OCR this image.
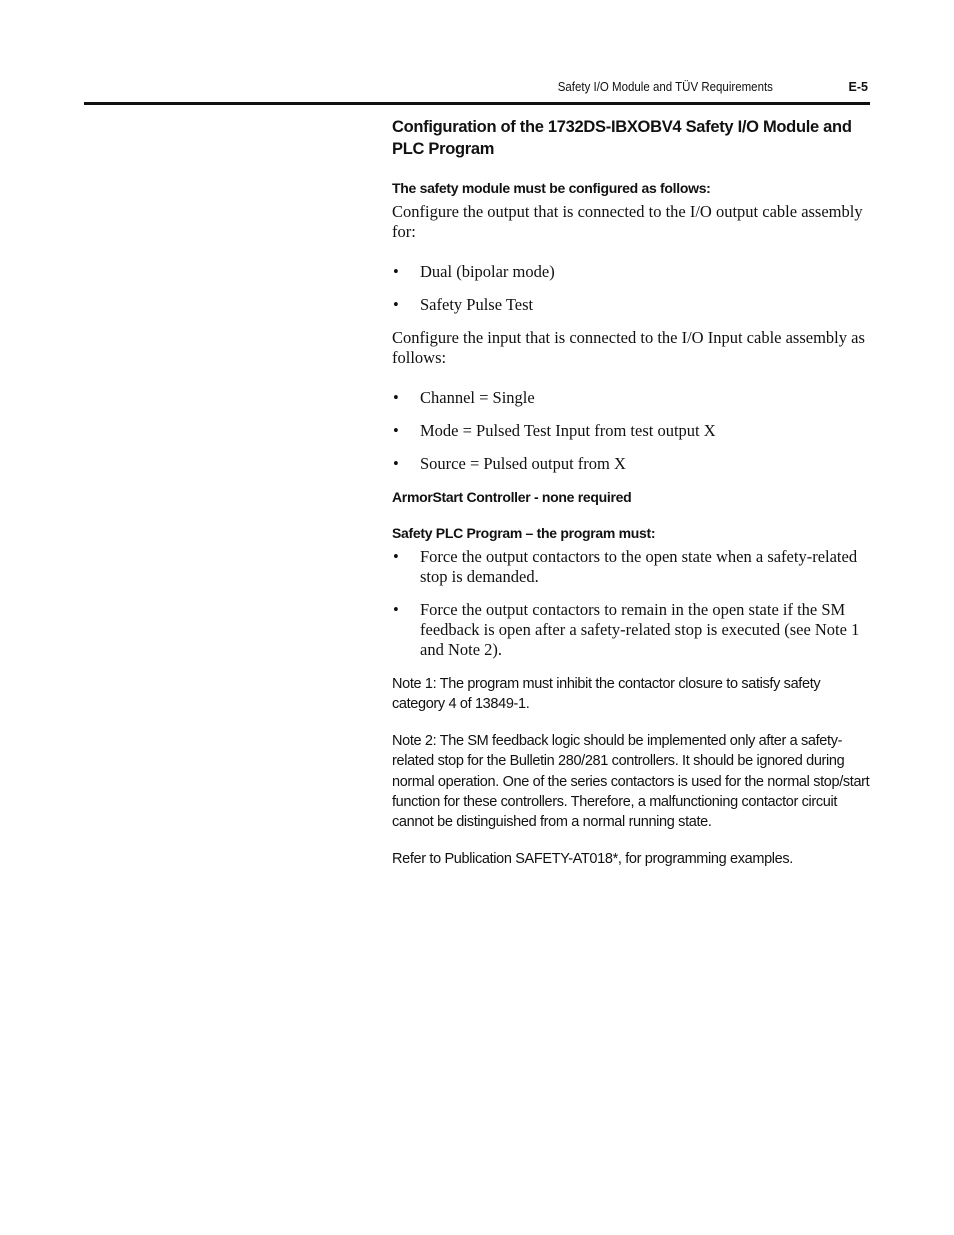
Safety I/O Module and TÜV Requirements	E-5
Configuration of the 1732DS-IBXOBV4 Safety I/O Module and PLC Program
The safety module must be configured as follows:
Configure the output that is connected to the I/O output cable assembly for:
• Dual (bipolar mode)
• Safety Pulse Test
Configure the input that is connected to the I/O Input cable assembly as follows:
• Channel = Single
• Mode = Pulsed Test Input from test output X
• Source = Pulsed output from X
ArmorStart Controller - none required
Safety PLC Program – the program must:
• Force the output contactors to the open state when a safety-related stop is demanded.
• Force the output contactors to remain in the open state if the SM feedback is open after a safety-related stop is executed (see Note 1 and Note 2).
Note 1: The program must inhibit the contactor closure to satisfy safety category 4 of 13849-1.
Note 2: The SM feedback logic should be implemented only after a safety-related stop for the Bulletin 280/281 controllers. It should be ignored during normal operation. One of the series contactors is used for the normal stop/start function for these controllers. Therefore, a malfunctioning contactor circuit cannot be distinguished from a normal running state.
Refer to Publication SAFETY-AT018*, for programming examples.
